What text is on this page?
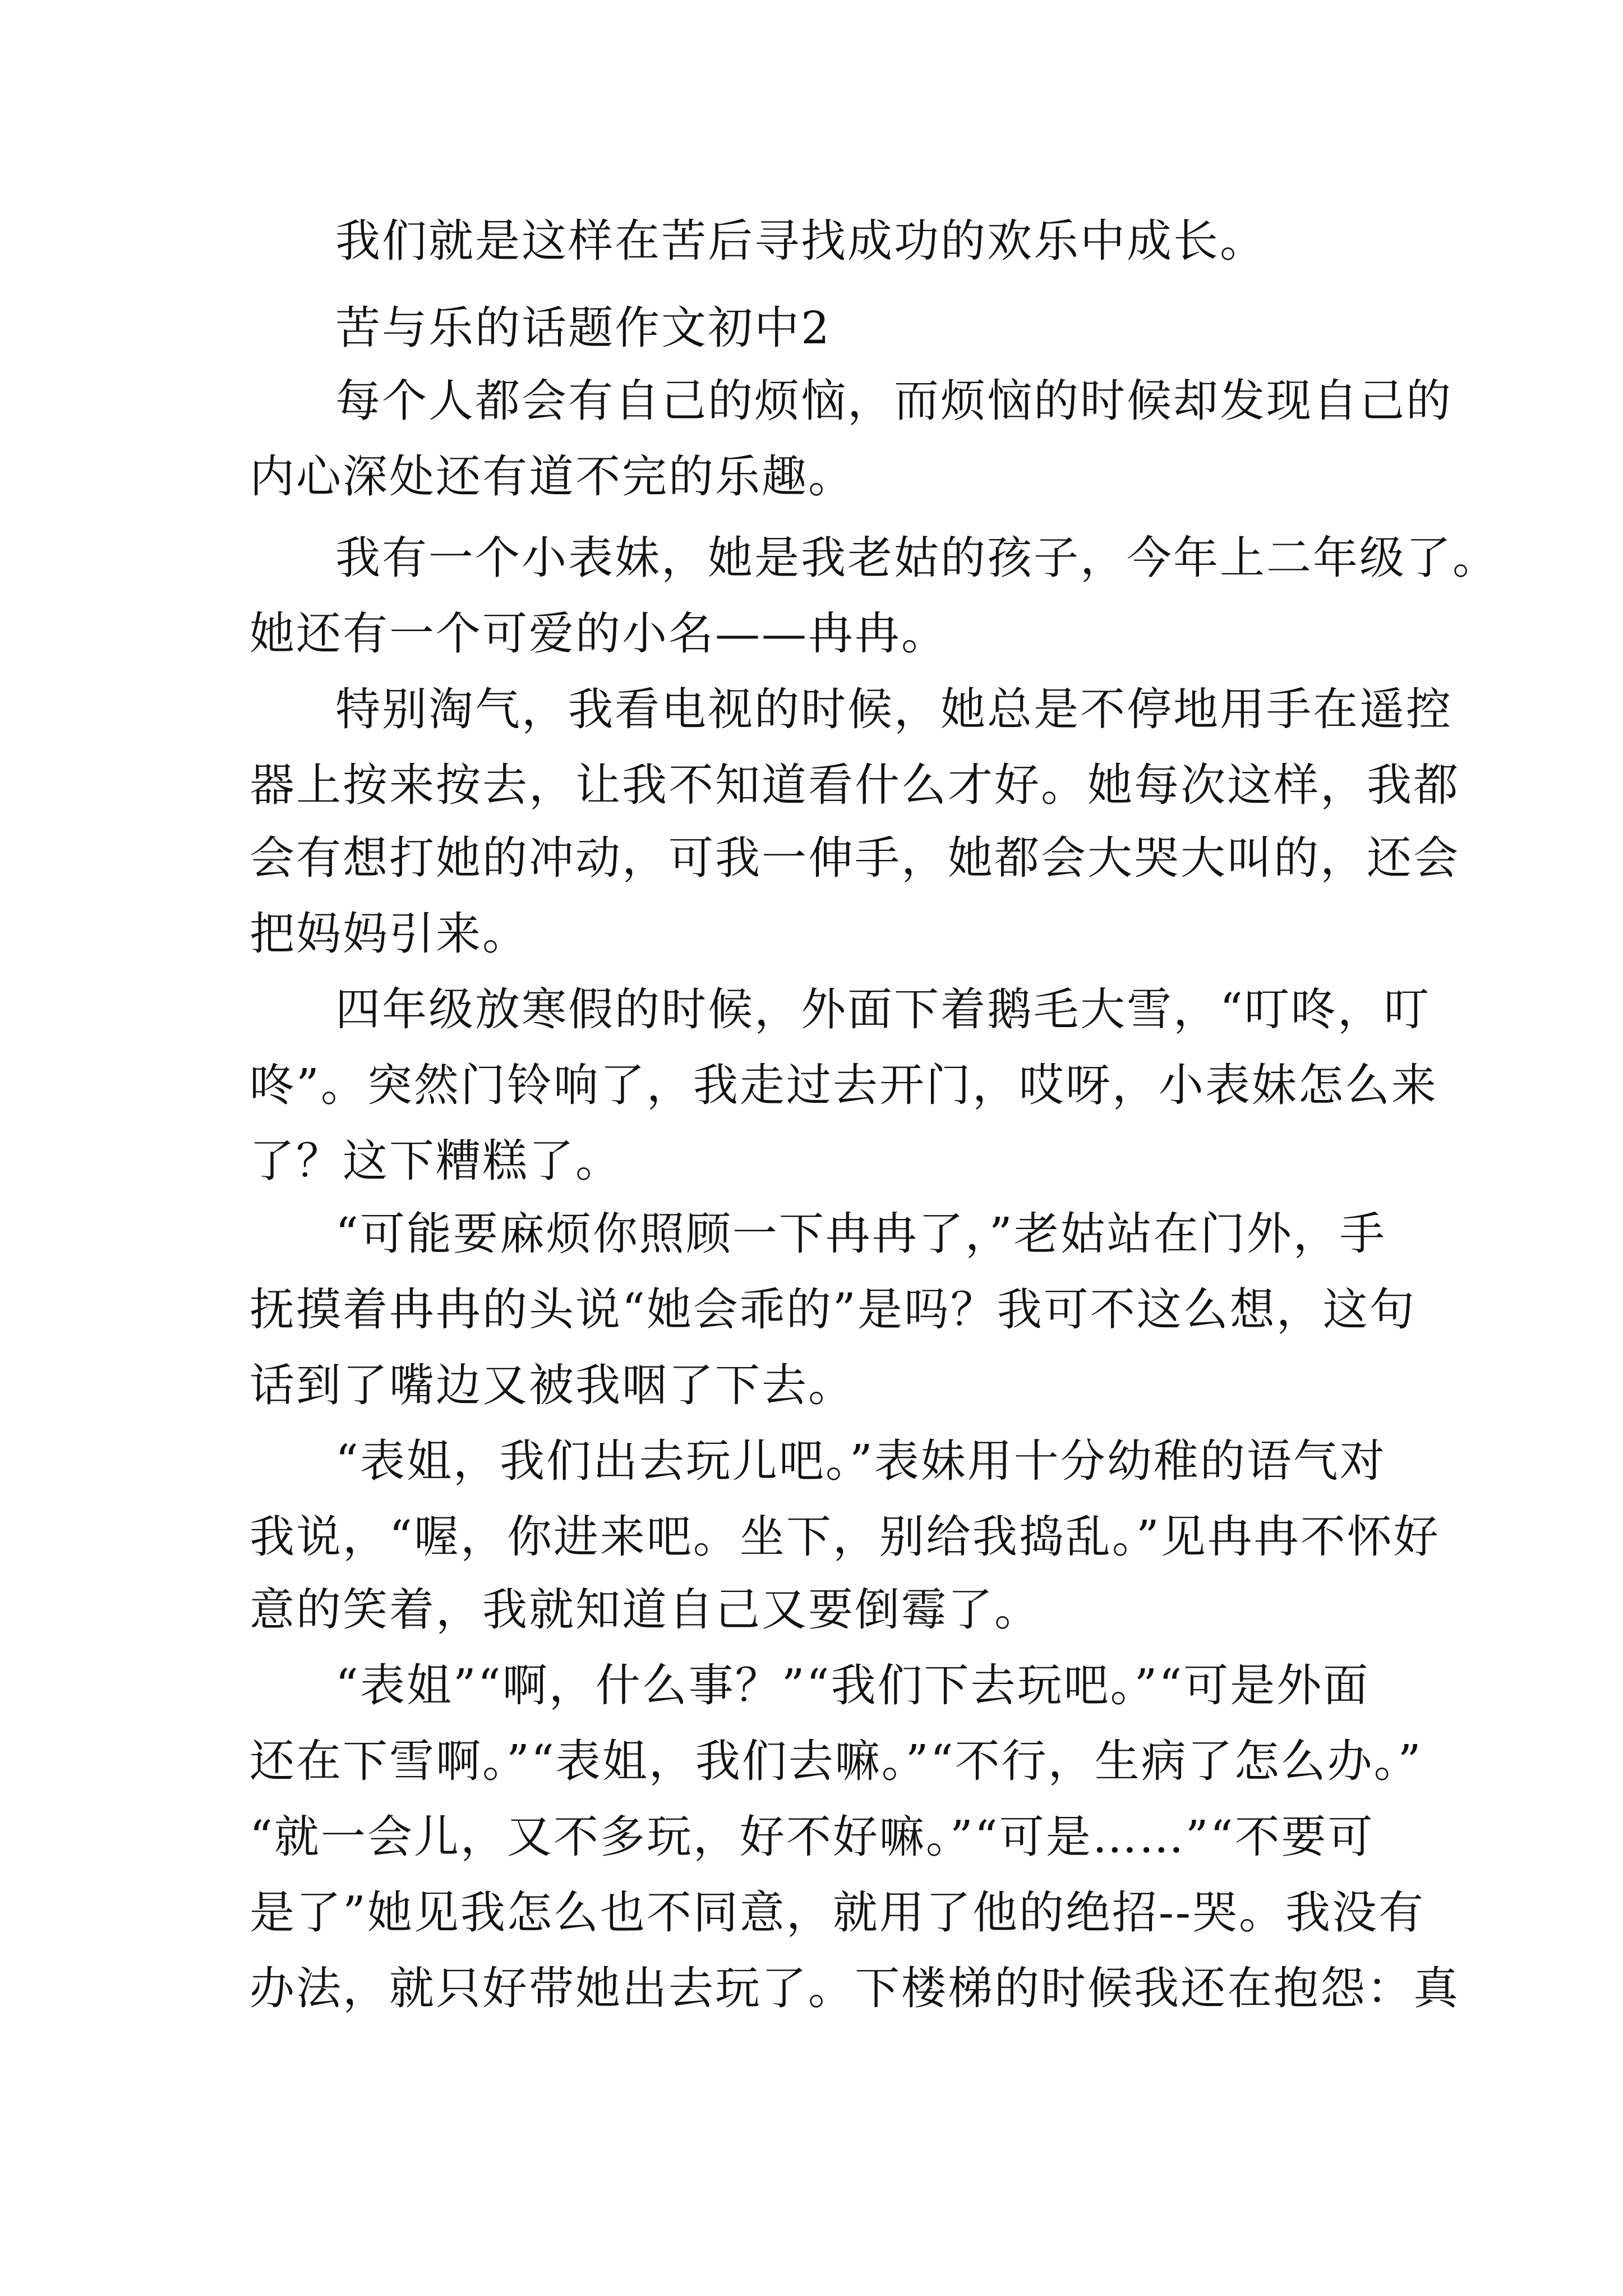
我们就是这样在苦后寻找成功的欢乐中成长。
苦与乐的话题作文初中2
每个人都会有自己的烦恼，而烦恼的时候却发现自己的
内心深处还有道不完的乐趣。
我有一个小表妹，她是我老姑的孩子，今年上二年级了。
她还有一个可爱的小名——冉冉。
特别淘气，我看电视的时候，她总是不停地用手在遥控
器上按来按去，让我不知道看什么才好。她每次这样，我都
会有想打她的冲动，可我一伸手，她都会大哭大叫的，还会
把妈妈引来。
四年级放寒假的时候，外面下着鹅毛大雪，“叮咚，叮
咚”。突然门铃响了，我走过去开门，哎呀，小表妹怎么来
了？这下糟糕了。
“可能要麻烦你照顾一下冉冉了，”老姑站在门外，手
抚摸着冉冉的头说“她会乖的”是吗？我可不这么想，这句
话到了嘴边又被我咽了下去。
“表姐，我们出去玩儿吧。”表妹用十分幼稚的语气对
我说，“喔，你进来吧。坐下，别给我捣乱。”见冉冉不怀好
意的笑着，我就知道自己又要倒霉了。
“表姐”“啊，什么事？”“我们下去玩吧。”“可是外面
还在下雪啊。”“表姐，我们去嘛。”“不行，生病了怎么办。”
“就一会儿，又不多玩，好不好嘛。”“可是……”“不要可
是了”她见我怎么也不同意，就用了他的绝招--哭。我没有
办法，就只好带她出去玩了。下楼梯的时候我还在抱怨：真
